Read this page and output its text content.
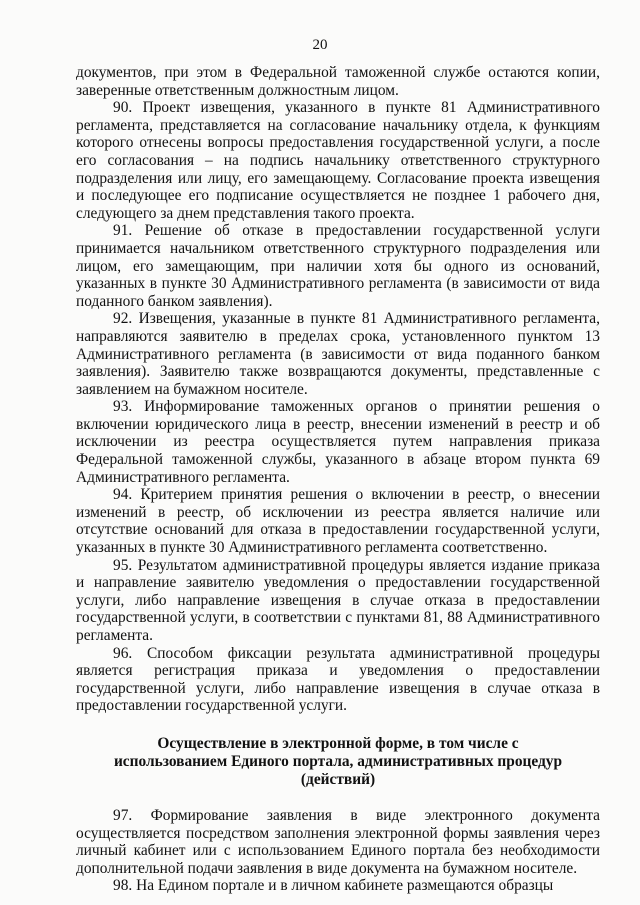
20

документов, при этом в Федеральной таможенной службе остаются копии, заверенные ответственным должностным лицом.

90. Проект извещения, указанного в пункте 81 Административного регламента, представляется на согласование начальнику отдела, к функциям которого отнесены вопросы предоставления государственной услуги, а после его согласования – на подпись начальнику ответственного структурного подразделения или лицу, его замещающему. Согласование проекта извещения и последующее его подписание осуществляется не позднее 1 рабочего дня, следующего за днем представления такого проекта.

91. Решение об отказе в предоставлении государственной услуги принимается начальником ответственного структурного подразделения или лицом, его замещающим, при наличии хотя бы одного из оснований, указанных в пункте 30 Административного регламента (в зависимости от вида поданного банком заявления).

92. Извещения, указанные в пункте 81 Административного регламента, направляются заявителю в пределах срока, установленного пунктом 13 Административного регламента (в зависимости от вида поданного банком заявления). Заявителю также возвращаются документы, представленные с заявлением на бумажном носителе.

93. Информирование таможенных органов о принятии решения о включении юридического лица в реестр, внесении изменений в реестр и об исключении из реестра осуществляется путем направления приказа Федеральной таможенной службы, указанного в абзаце втором пункта 69 Административного регламента.

94. Критерием принятия решения о включении в реестр, о внесении изменений в реестр, об исключении из реестра является наличие или отсутствие оснований для отказа в предоставлении государственной услуги, указанных в пункте 30 Административного регламента соответственно.

95. Результатом административной процедуры является издание приказа и направление заявителю уведомления о предоставлении государственной услуги, либо направление извещения в случае отказа в предоставлении государственной услуги, в соответствии с пунктами 81, 88 Административного регламента.

96. Способом фиксации результата административной процедуры является регистрация приказа и уведомления о предоставлении государственной услуги, либо направление извещения в случае отказа в предоставлении государственной услуги.

Осуществление в электронной форме, в том числе с
использованием Единого портала, административных процедур (действий)

97. Формирование заявления в виде электронного документа осуществляется посредством заполнения электронной формы заявления через личный кабинет или с использованием Единого портала без необходимости дополнительной подачи заявления в виде документа на бумажном носителе.

98. На Едином портале и в личном кабинете размещаются образцы
